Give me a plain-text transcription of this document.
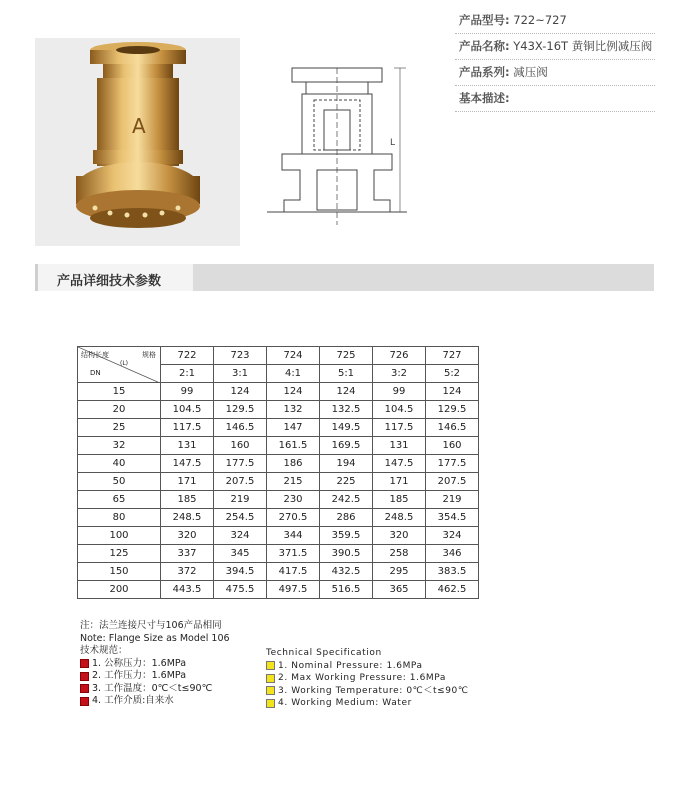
A
L
产品型号: 722~727
产品名称: Y43X-16T 黄铜比例减压阀
产品系列: 减压阀
基本描述:
产品详细技术参数
结构长度 规格
(L)
DN	722	723	724	725	726	727
	2:1	3:1	4:1	5:1	3:2	5:2
15	99	124	124	124	99	124
20	104.5	129.5	132	132.5	104.5	129.5
25	117.5	146.5	147	149.5	117.5	146.5
32	131	160	161.5	169.5	131	160
40	147.5	177.5	186	194	147.5	177.5
50	171	207.5	215	225	171	207.5
65	185	219	230	242.5	185	219
80	248.5	254.5	270.5	286	248.5	354.5
100	320	324	344	359.5	320	324
125	337	345	371.5	390.5	258	346
150	372	394.5	417.5	432.5	295	383.5
200	443.5	475.5	497.5	516.5	365	462.5
注：法兰连接尺寸与106产品相同
Note: Flange Size as Model 106
技术规范：
1. 公称压力：1.6MPa
2. 工作压力：1.6MPa
3. 工作温度：0℃＜t≤90℃
4. 工作介质:自来水
Technical Specification
1. Nominal Pressure: 1.6MPa
2. Max Working Pressure: 1.6MPa
3. Working Temperature: 0℃＜t≤90℃
4. Working Medium: Water
